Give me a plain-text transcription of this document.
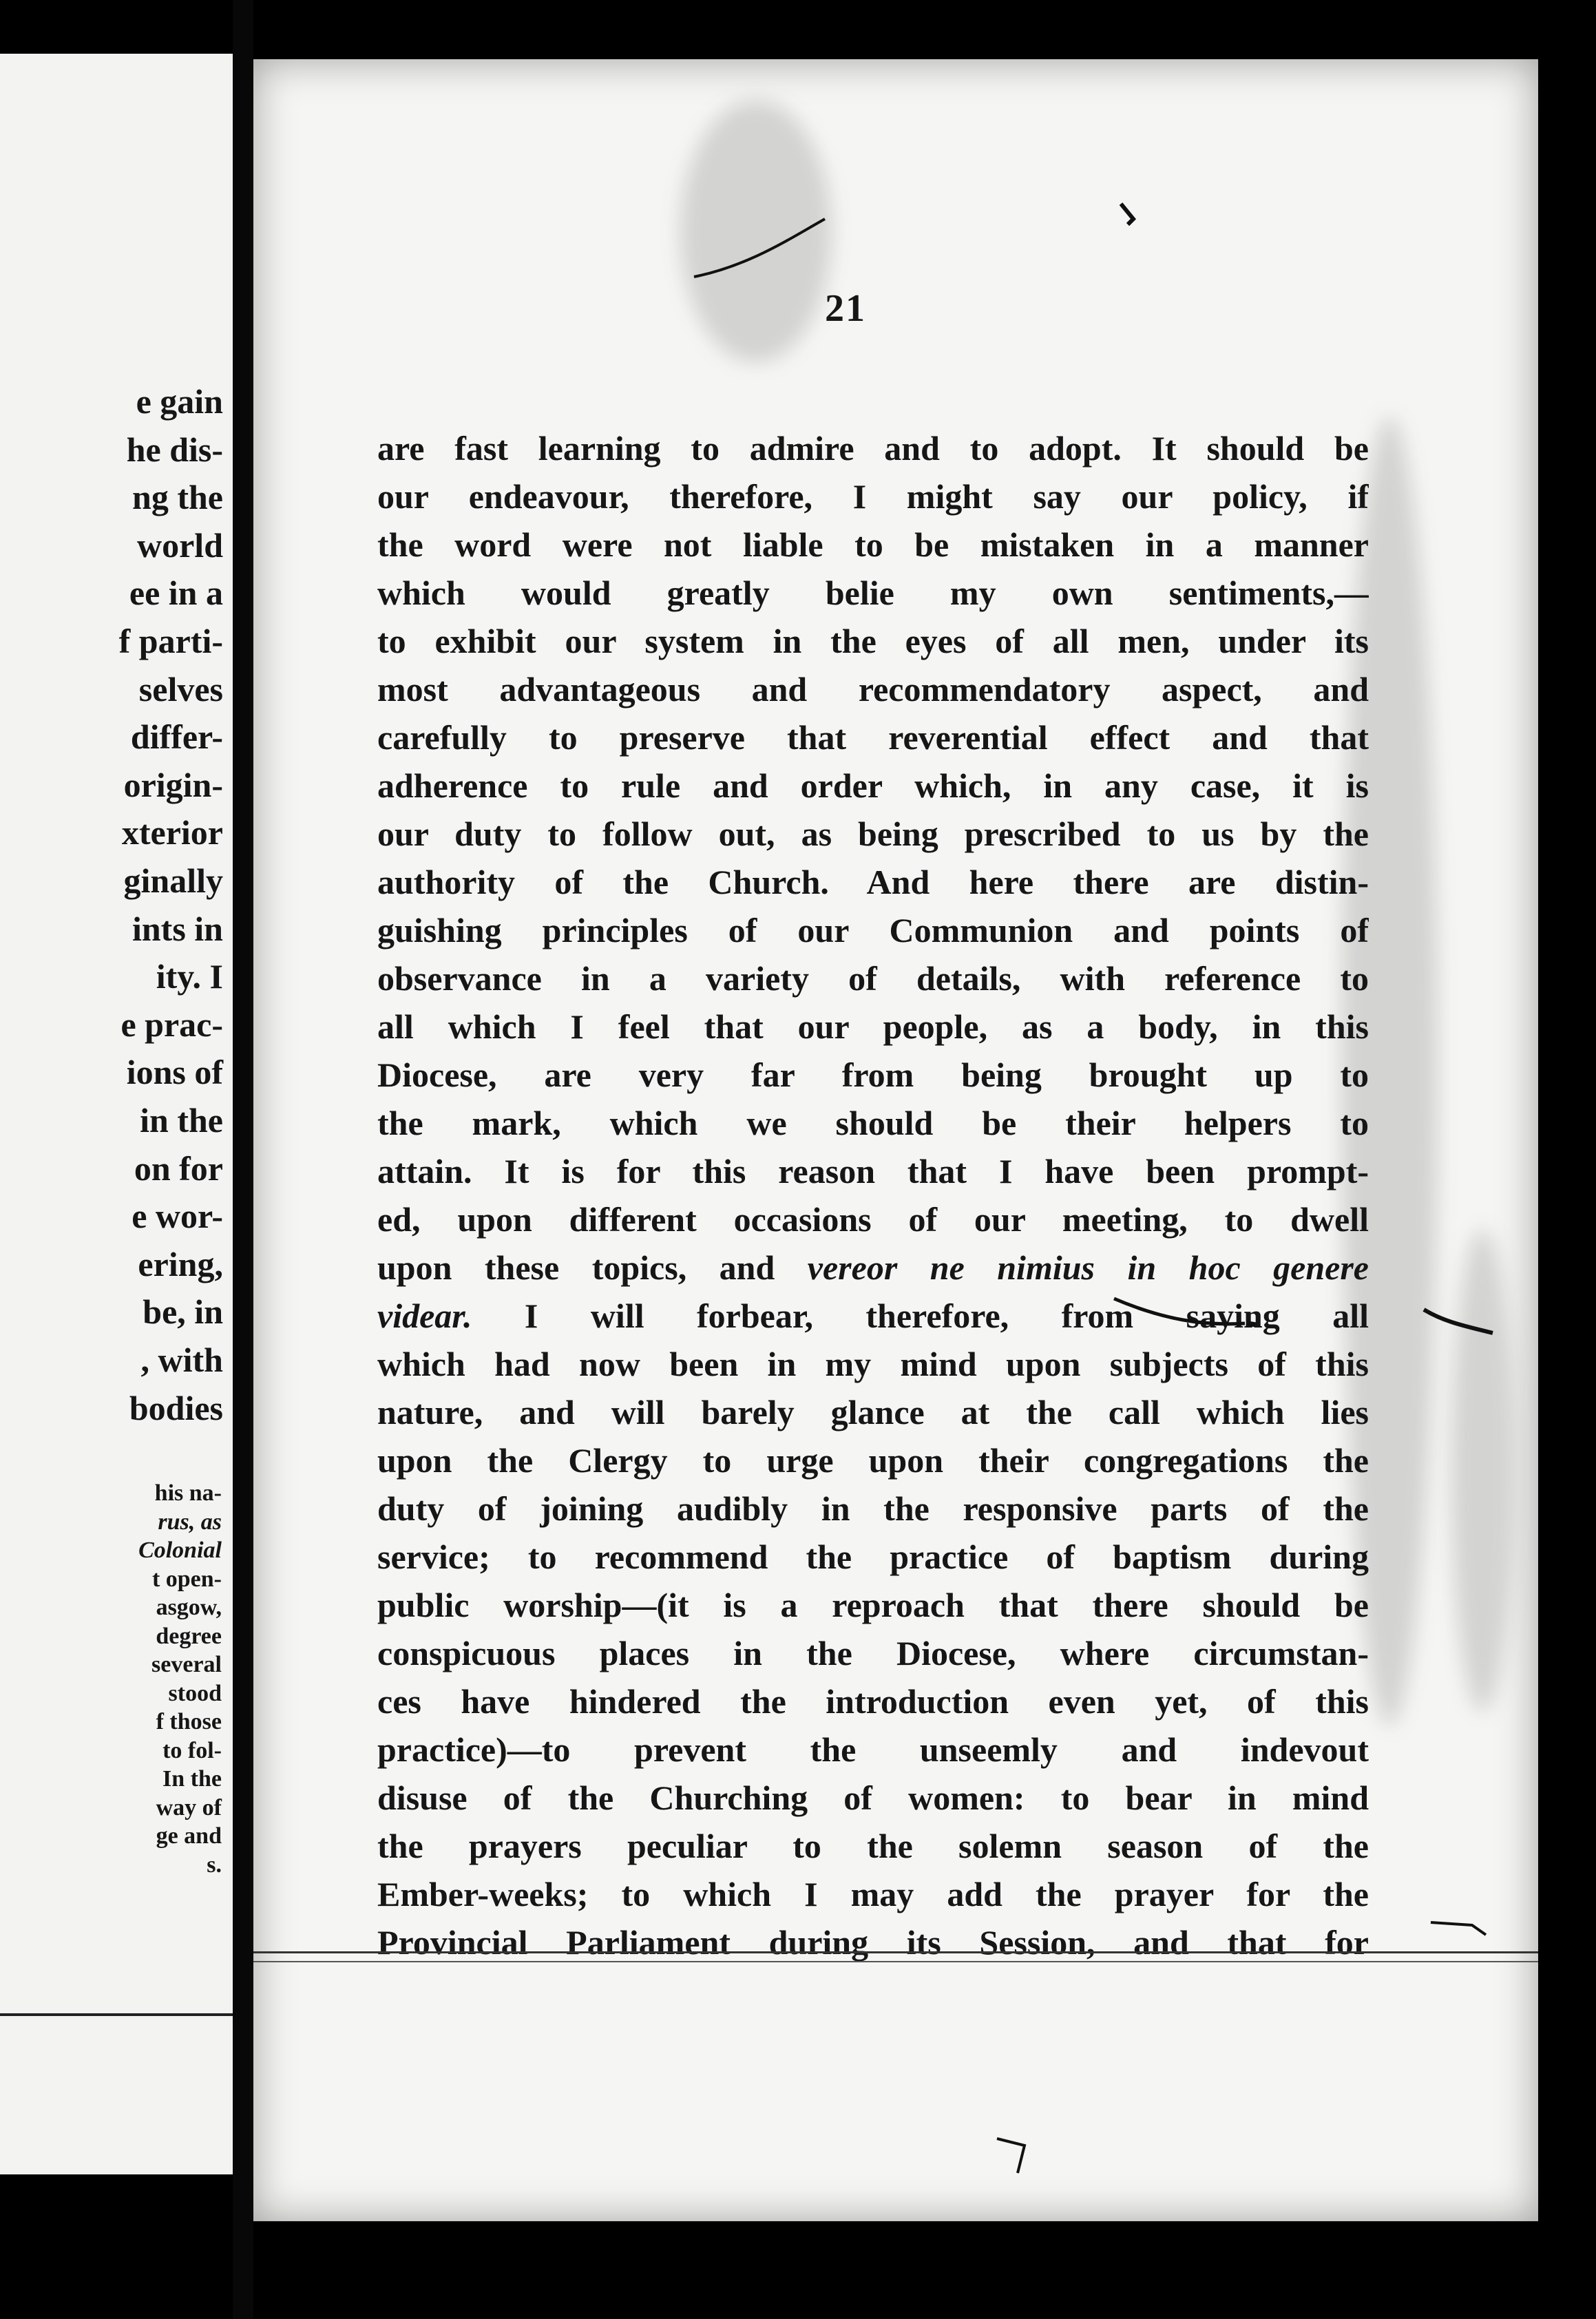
e gain
he dis-
ng the
world
ee in a
f parti-
selves
differ-
origin-
xterior
ginally
ints in
ity. I
e prac-
ions of
in the
on for
e wor-
ering,
be, in
, with
bodies
his na-
rus, as
Colonial
t open-
asgow,
degree
several
stood
f those
to fol-
In the
way of
ge and
s.
21
are fast learning to admire and to adopt. It should be
our endeavour, therefore, I might say our policy, if
the word were not liable to be mistaken in a manner
which would greatly belie my own sentiments,—
to exhibit our system in the eyes of all men, under its
most advantageous and recommendatory aspect, and
carefully to preserve that reverential effect and that
adherence to rule and order which, in any case, it is
our duty to follow out, as being prescribed to us by the
authority of the Church. And here there are distin-
guishing principles of our Communion and points of
observance in a variety of details, with reference to
all which I feel that our people, as a body, in this
Diocese, are very far from being brought up to
the mark, which we should be their helpers to
attain. It is for this reason that I have been prompt-
ed, upon different occasions of our meeting, to dwell
upon these topics, and vereor ne nimius in hoc genere
videar. I will forbear, therefore, from saying all
which had now been in my mind upon subjects of this
nature, and will barely glance at the call which lies
upon the Clergy to urge upon their congregations the
duty of joining audibly in the responsive parts of the
service; to recommend the practice of baptism during
public worship—(it is a reproach that there should be
conspicuous places in the Diocese, where circumstan-
ces have hindered the introduction even yet, of this
practice)—to prevent the unseemly and indevout
disuse of the Churching of women: to bear in mind
the prayers peculiar to the solemn season of the
Ember-weeks; to which I may add the prayer for the
Provincial Parliament during its Session, and that for
